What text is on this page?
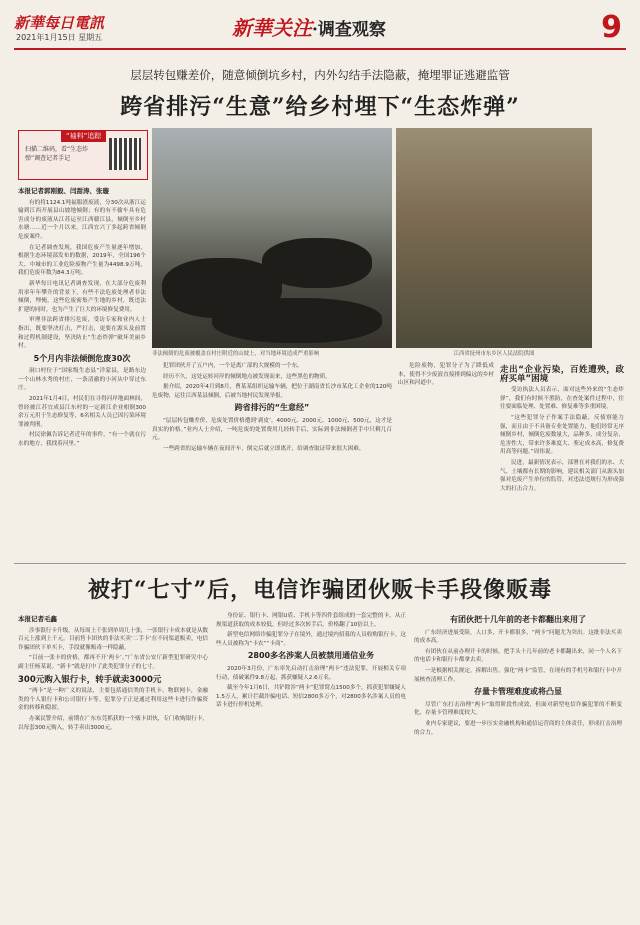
新華每日電訊
2021年1月15日 星期五	新華关注·调查观察	9
层层转包赚差价，随意倾倒坑乡村，内外勾结手法隐蔽，掩埋罪证逃避监管
跨省排污“生意”给乡村埋下“生态炸弹”
“袖料”追踪
扫描二维码，看“生态炸弹”调查记者手记
本报记者郭刚毅、闫甜涛、张璇

有的将1124.1吨福服渣废液，分30次从浙江运输到江西开展县山坡地倾倒；有的有不偷车具有危害成分的废液从江苏运至江西赣江县，倾倒至乡村水塘……近一个月以来，江西宜兴丁多起跨省倾倒危废案件。

在记者调查发现，我国危废产生量逐年增加，根据生态环境部发布的数据，2019年，全国196个大、中城市的工业危险废物产生量为4498.9万吨，我们危废年数为84.3万吨。

新华每日电讯记者调查发现，在大部分危废利用率年年攀升的背景下，有些不法危废处理者非法倾倒，埋掩，这些危废密集产生地的乡村，既违法扩建的同时，也为产生了巨大的环境修复费用。

审理非法跨省排污危废，受访专家和业内人士指出，既要坚决打击，严打击，更要在源头及前置和过程机制建设，坚决防止“生态炸弹”破坏美丽乡村。

5个月内非法倾倒危废30次

洞口村位于“国家级生态县”洋蒙县，是路东边一个山林水秀的村庄，一条清澈的小河从中穿过东庄。

2021年1月4日，村民们在寻得河岸地面林间，曾经被江苏宜成县江东村的一定新江企业相倒300余万元用于生态修复等，6名相关人员已因污染环境罪被判刑。

村民徐佩告诉记者近年的事件，“有一个就在污水的地方，我找着河里。”

非法倾倒的危废被覆盖在村庄附近的山坡上，对当地环境造成严重影响	江西省抚州市东乡区人民法院供图

犯罪团伙开了五户内，一个是离广部的大规模的一个东。

经历不久，这处运转河岸的倾倒地点被发现而来，这些黑色的物质。

据介绍，2020年4月到8月，曹某某组织运输车辆，把位于湖南省长沙市某化工企业的120吨危废物，运往江西某县倾倒，后被当地村民发现举报。

跨省排污的“生意经”

“层层转包赚差价，危废处置价格遭到‘剥皮’。4000元、2000元、1000元、500元，这才是真实的价格。”业内人士介绍，一吨危废的处置费用几经转手后，实际到非法倾倒者手中只剩几百元。

一些跨省的运输车辆在夜间开车，倒完后就立即离开，给调查取证带来很大困难。

危险废物，犯罪分子为了降低成本，使得不少废液直接排到偏远的乡村山区和河道中。

走出“企业污染，百姓遭殃，政府买单”困境

受访执法人员表示，面对这些外来的“生态炸弹”，我们有时候不胜防，在查处案件过程中，往往要面临处理、处置难、修复难等多重困境。

“这些犯罪分子作案手法隐蔽，反侦察能力强，而且由于不具备专业处置能力，他们经常无序倾倒乡村，倾倒危废数量大，品种多，成分复杂，危害性大，带来许多难度大、鉴定成本高，修复费用高等问题。”周伟说。

民进，最新情况表示，部署在对我们的水、大气、土壤都有长期的影响，建议相关部门从源头加强对危废产生单位的监管，对违法违规行为形成强大的打击合力。

被打“七寸”后，电信诈骗团伙贩卡手段像贩毒
本报记者毛鑫

涉事银行卡升级，从每周上千张到单周几十张，一张银行卡成本就是从数百元上涨到上千元。目前售卡团伙的非法买卖‘二手卡’在不同渠道贩卖，电信诈骗团伙下单买卡，手段就像贩毒一样隐蔽。

“目前一张卡的价格，都再不开‘两卡’。”广东省公安厅新型犯罪研究中心副主任杨某说。“新卡”就是打中了此类犯罪分子的七寸。

300元购入银行卡，转手就卖3000元

“两卡”是一种广义的说法，主要包括通信类的手机卡、物联网卡，金融类的个人银行卡和公司银行卡等。犯罪分子正是通过利用这些卡进行诈骗资金的转移和隐匿。

办案民警介绍，前期在广东东莞抓获的一个贩卡团伙，专门收购银行卡，以每套300元购入，转手卖出3000元。

身份证、银行卡、网银U盾、手机卡等四件套组成的一套完整的卡，从正规渠道获取的成本较低，但经过多次转手后，价格翻了10倍以上。

新型电信网络诈骗犯罪分子在境外，通过境内招募的人员收购银行卡。这些人员被称为“卡农”“卡商”。

2800多名涉案人员被禁用通信业务

2020年3月份，广东率先启动打击治理“两卡”违法犯罪，开展相关专项行动，侦破案件9.8万起，抓获嫌疑人2.6万名。

截至今年1月6日，共铲除涉“两卡”犯罪窝点1500多个，抓获犯罪嫌疑人1.5万人，累计拦截诈骗电话、短信2800多万个，对2800多名涉案人员的电话卡进行停机处理。

有团伙把十几年前的老卡都翻出来用了

广东经济进展受阻，人口多，开卡都很多，“两卡”问题尤为突出。这批非法买卖的成本高。

有团伙在从前办理开卡的时候，把手头十几年前的老卡都翻出来，同一个人名下的电话卡和银行卡都拿去卖。

一是根据相关规定，拆解出售，强化“两卡”监管，在现有的手机号和银行卡中开展核查清理工作。

存量卡管理难度或将凸显

尽管广东打击治理“两卡”取得阶段性成效，但面对新型电信诈骗犯罪的不断变化，存量卡管理难度较大。

业内专家建议，要进一步压实金融机构和通信运营商的主体责任，形成打击治理的合力。
